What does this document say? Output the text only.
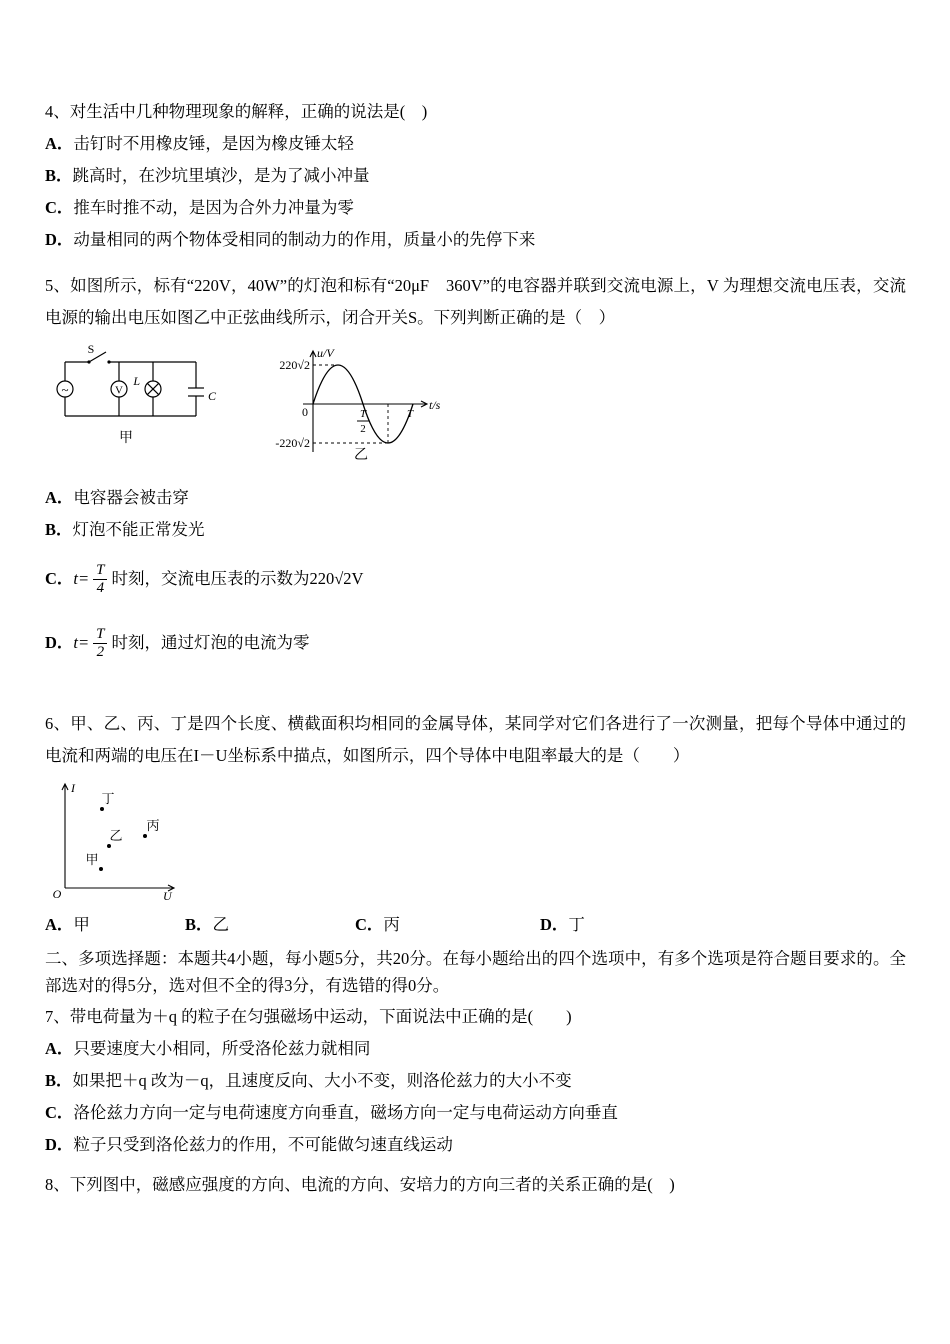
4、对生活中几种物理现象的解释，正确的说法是(　)

A．击钉时不用橡皮锤，是因为橡皮锤太轻

B．跳高时，在沙坑里填沙，是为了减小冲量

C．推车时推不动，是因为合外力冲量为零

D．动量相同的两个物体受相同的制动力的作用，质量小的先停下来

5、如图所示，标有“220V，40W”的灯泡和标有“20μF　360V”的电容器并联到交流电源上，V 为理想交流电压表，交流电源的输出电压如图乙中正弦曲线所示，闭合开关S。下列判断正确的是（　）

S
~	V
L
C
甲
u/V
220√2
0
-220√2
T
2
T
t/s
乙

A．电容器会被击穿

B．灯泡不能正常发光

C． $t= \frac{T}{4}$ 时刻，交流电压表的示数为220 √2 V
D． $t= \frac{T}{2}$ 时刻，通过灯泡的电流为零

6、甲、乙、丙、丁是四个长度、横截面积均相同的金属导体，某同学对它们各进行了一次测量，把每个导体中通过的电流和两端的电压在I－U坐标系中描点，如图所示，四个导体中电阻率最大的是（　　）

I
U
O
丁
乙
丙
甲

A．甲	B．乙	C．丙	D．丁

二、多项选择题：本题共4小题，每小题5分，共20分。在每小题给出的四个选项中，有多个选项是符合题目要求的。全部选对的得5分，选对但不全的得3分，有选错的得0分。

7、带电荷量为＋q 的粒子在匀强磁场中运动，下面说法中正确的是(　　)

A．只要速度大小相同，所受洛伦兹力就相同

B．如果把＋q 改为－q，且速度反向、大小不变，则洛伦兹力的大小不变

C．洛伦兹力方向一定与电荷速度方向垂直，磁场方向一定与电荷运动方向垂直

D．粒子只受到洛伦兹力的作用，不可能做匀速直线运动

8、下列图中，磁感应强度的方向、电流的方向、安培力的方向三者的关系正确的是(　)
